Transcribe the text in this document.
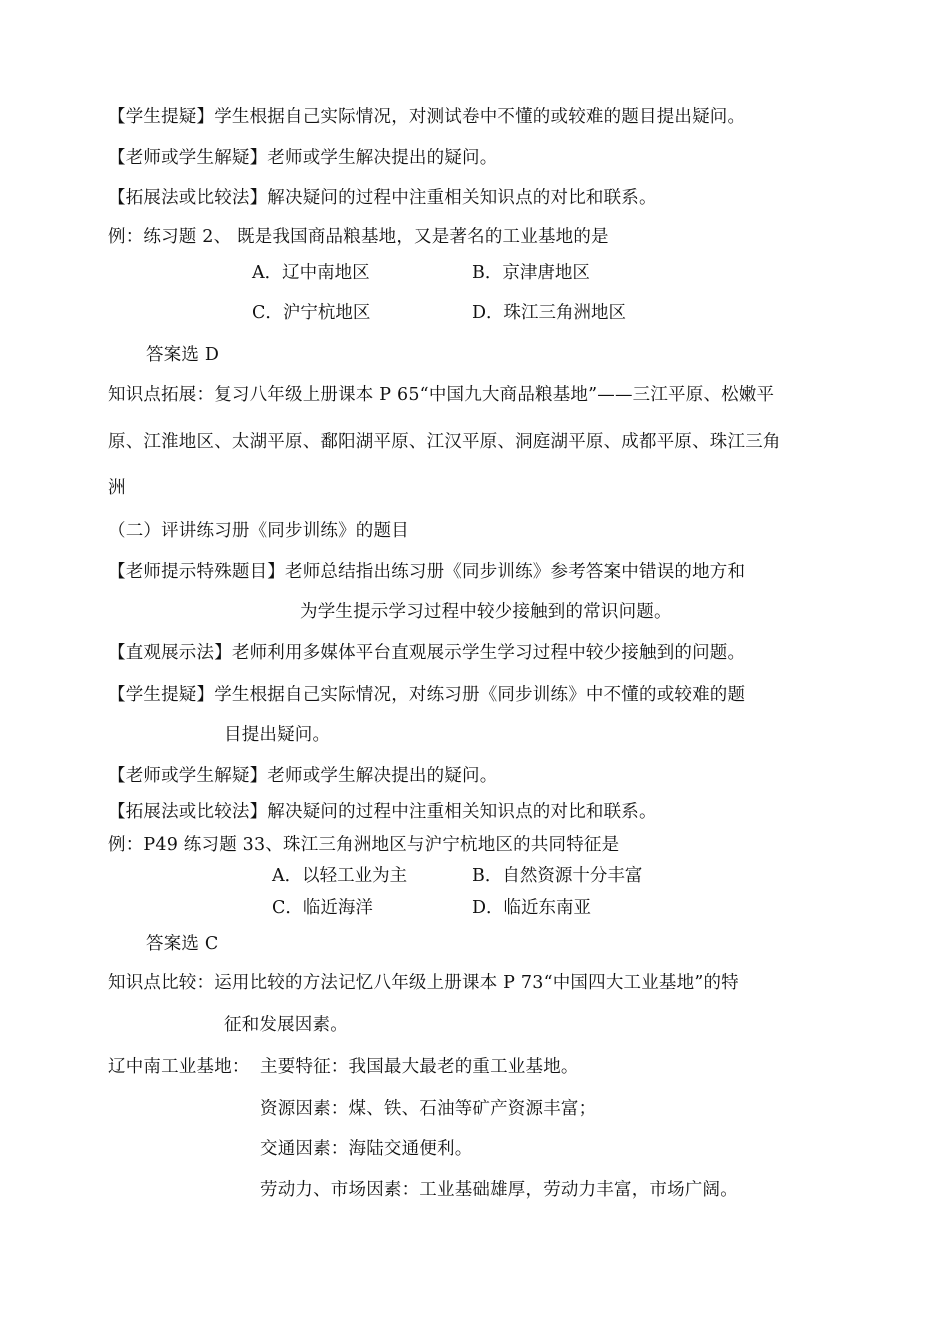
【学生提疑】学生根据自己实际情况，对测试卷中不懂的或较难的题目提出疑问。
【老师或学生解疑】老师或学生解决提出的疑问。
【拓展法或比较法】解决疑问的过程中注重相关知识点的对比和联系。
例：练习题 2、 既是我国商品粮基地，又是著名的工业基地的是
A．辽中南地区	B．京津唐地区
C．沪宁杭地区	D．珠江三角洲地区
答案选 D
知识点拓展：复习八年级上册课本 P 65“中国九大商品粮基地”——三江平原、松嫩平
原、江淮地区、太湖平原、鄱阳湖平原、江汉平原、洞庭湖平原、成都平原、珠江三角
洲
（二）评讲练习册《同步训练》的题目
【老师提示特殊题目】老师总结指出练习册《同步训练》参考答案中错误的地方和
为学生提示学习过程中较少接触到的常识问题。
【直观展示法】老师利用多媒体平台直观展示学生学习过程中较少接触到的问题。
【学生提疑】学生根据自己实际情况，对练习册《同步训练》中不懂的或较难的题
目提出疑问。
【老师或学生解疑】老师或学生解决提出的疑问。
【拓展法或比较法】解决疑问的过程中注重相关知识点的对比和联系。
例：P49 练习题 33、珠江三角洲地区与沪宁杭地区的共同特征是
A．以轻工业为主	B．自然资源十分丰富
C．临近海洋	D．临近东南亚
答案选 C
知识点比较：运用比较的方法记忆八年级上册课本 P 73“中国四大工业基地”的特
征和发展因素。
辽中南工业基地： 主要特征：我国最大最老的重工业基地。
资源因素：煤、铁、石油等矿产资源丰富；
交通因素：海陆交通便利。
劳动力、市场因素：工业基础雄厚，劳动力丰富，市场广阔。
